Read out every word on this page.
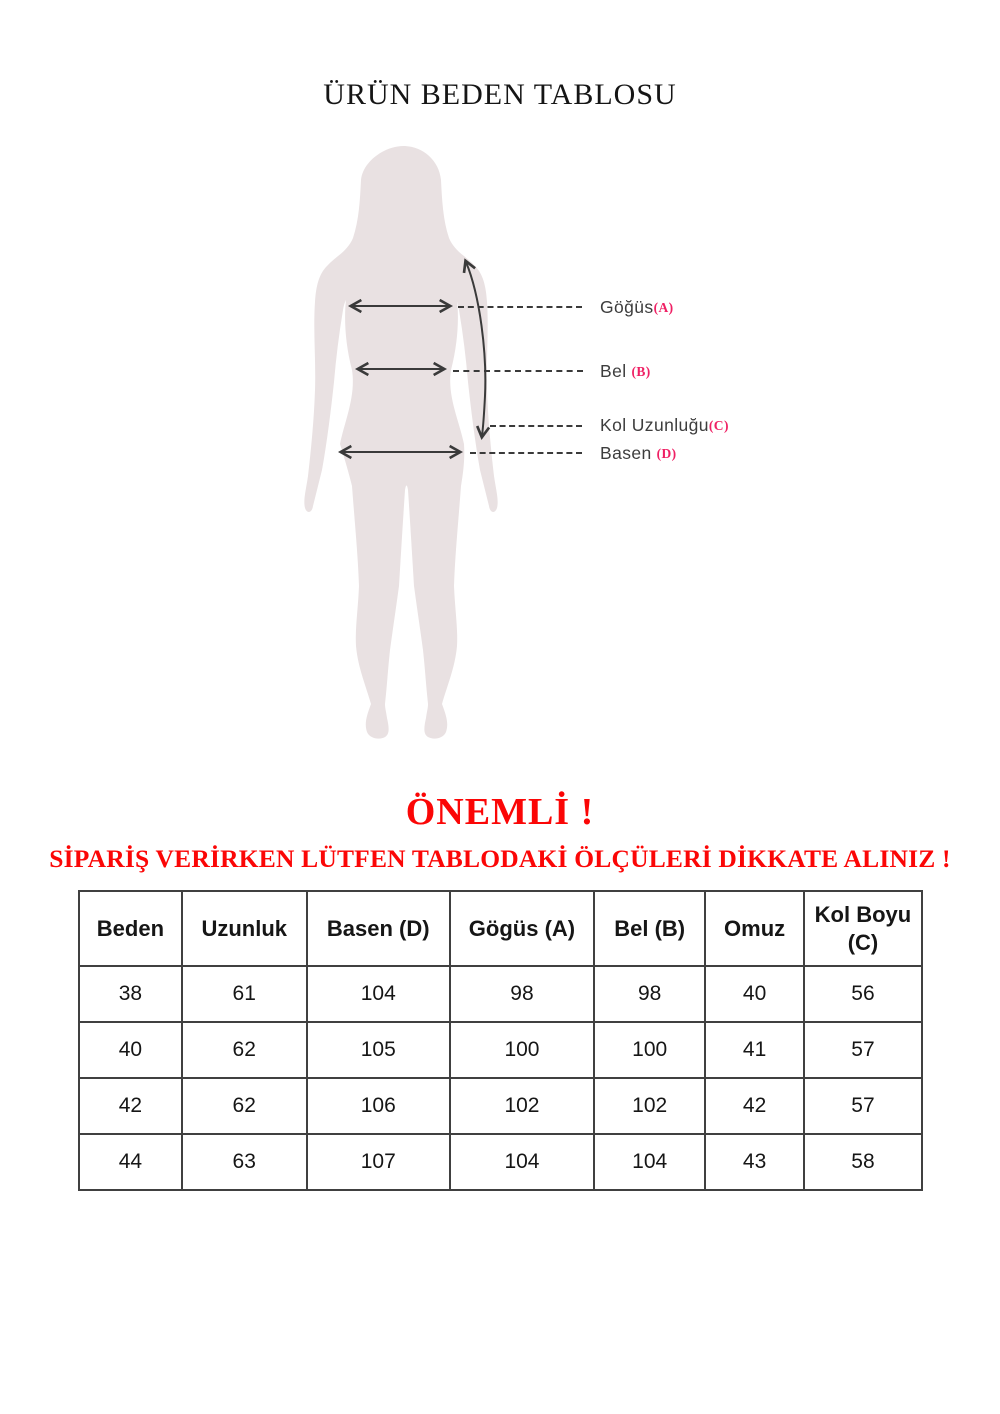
ÜRÜN BEDEN TABLOSU
Göğüs(A)
Bel (B)
Kol Uzunluğu(C)
Basen (D)
ÖNEMLİ !
SİPARİŞ VERİRKEN LÜTFEN TABLODAKİ ÖLÇÜLERİ DİKKATE ALINIZ !
Beden	Uzunluk	Basen (D)	Gögüs (A)	Bel (B)	Omuz	Kol Boyu (C)
38	61	104	98	98	40	56
40	62	105	100	100	41	57
42	62	106	102	102	42	57
44	63	107	104	104	43	58
